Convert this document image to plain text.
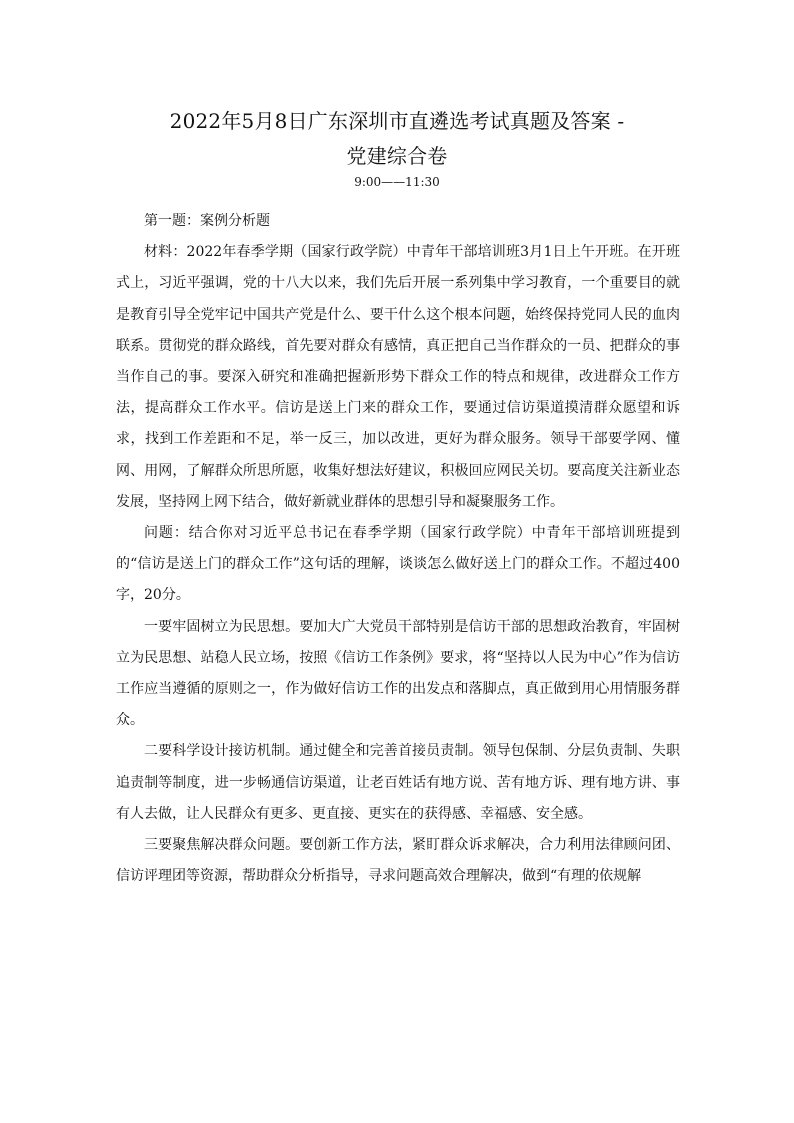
2022年5月8日广东深圳市直遴选考试真题及答案 -
党建综合卷
9:00——11:30

第一题：案例分析题

材料：2022年春季学期（国家行政学院）中青年干部培训班3月1日上午开班。在开班式上，习近平强调，党的十八大以来，我们先后开展一系列集中学习教育，一个重要目的就是教育引导全党牢记中国共产党是什么、要干什么这个根本问题，始终保持党同人民的血肉联系。贯彻党的群众路线，首先要对群众有感情，真正把自己当作群众的一员、把群众的事当作自己的事。要深入研究和准确把握新形势下群众工作的特点和规律，改进群众工作方法，提高群众工作水平。信访是送上门来的群众工作，要通过信访渠道摸清群众愿望和诉求，找到工作差距和不足，举一反三，加以改进，更好为群众服务。领导干部要学网、懂网、用网，了解群众所思所愿，收集好想法好建议，积极回应网民关切。要高度关注新业态发展，坚持网上网下结合，做好新就业群体的思想引导和凝聚服务工作。

问题：结合你对习近平总书记在春季学期（国家行政学院）中青年干部培训班提到的“信访是送上门的群众工作”这句话的理解，谈谈怎么做好送上门的群众工作。不超过400字，20分。

一要牢固树立为民思想。要加大广大党员干部特别是信访干部的思想政治教育，牢固树立为民思想、站稳人民立场，按照《信访工作条例》要求，将“坚持以人民为中心”作为信访工作应当遵循的原则之一，作为做好信访工作的出发点和落脚点，真正做到用心用情服务群众。

二要科学设计接访机制。通过健全和完善首接员责制。领导包保制、分层负责制、失职追责制等制度，进一步畅通信访渠道，让老百姓话有地方说、苦有地方诉、理有地方讲、事有人去做，让人民群众有更多、更直接、更实在的获得感、幸福感、安全感。

三要聚焦解决群众问题。要创新工作方法，紧盯群众诉求解决，合力利用法律顾问团、信访评理团等资源，帮助群众分析指导，寻求问题高效合理解决，做到“有理的依规解
